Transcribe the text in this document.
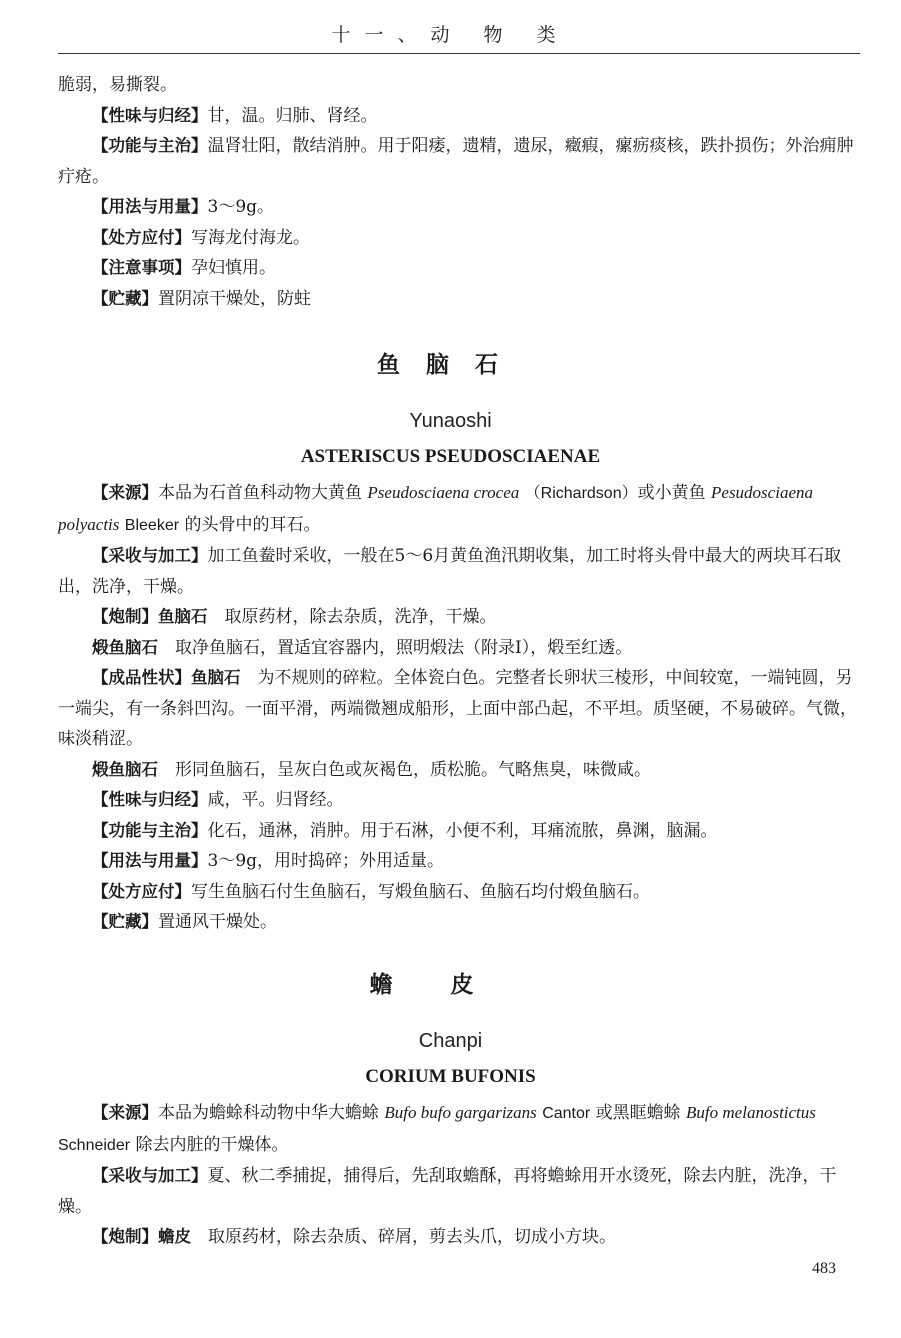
十一、动 物 类

脆弱，易撕裂。

【性味与归经】甘，温。归肺、肾经。

【功能与主治】温肾壮阳，散结消肿。用于阳痿，遗精，遗尿，癥瘕，瘰疬痰核，跌扑损伤；外治痈肿疔疮。

【用法与用量】3～9g。

【处方应付】写海龙付海龙。

【注意事项】孕妇慎用。

【贮藏】置阴凉干燥处，防蛀

鱼脑石
Yunaoshi
ASTERISCUS PSEUDOSCIAENAE

【来源】本品为石首鱼科动物大黄鱼 Pseudosciaena crocea （Richardson）或小黄鱼 Pesudosciaena polyactis Bleeker 的头骨中的耳石。

【采收与加工】加工鱼鲞时采收，一般在5～6月黄鱼渔汛期收集，加工时将头骨中最大的两块耳石取出，洗净，干燥。

【炮制】鱼脑石　 取原药材，除去杂质，洗净，干燥。

煅鱼脑石　 取净鱼脑石，置适宜容器内，照明煅法（附录Ⅰ），煅至红透。

【成品性状】鱼脑石　 为不规则的碎粒。全体瓷白色。完整者长卵状三棱形，中间较宽，一端钝圆，另一端尖，有一条斜凹沟。一面平滑，两端微翘成船形，上面中部凸起，不平坦。质坚硬，不易破碎。气微，味淡稍涩。

煅鱼脑石　 形同鱼脑石，呈灰白色或灰褐色，质松脆。气略焦臭，味微咸。

【性味与归经】咸，平。归肾经。

【功能与主治】化石，通淋，消肿。用于石淋，小便不利，耳痛流脓，鼻渊，脑漏。

【用法与用量】3～9g，用时捣碎；外用适量。

【处方应付】写生鱼脑石付生鱼脑石，写煅鱼脑石、鱼脑石均付煅鱼脑石。

【贮藏】置通风干燥处。

蟾皮
Chanpi
CORIUM BUFONIS

【来源】本品为蟾蜍科动物中华大蟾蜍 Bufo bufo gargarizans Cantor 或黑眶蟾蜍 Bufo melanostictus Schneider 除去内脏的干燥体。

【采收与加工】夏、秋二季捕捉，捕得后，先刮取蟾酥，再将蟾蜍用开水烫死，除去内脏，洗净，干燥。

【炮制】蟾皮　 取原药材，除去杂质、碎屑，剪去头爪，切成小方块。

483
